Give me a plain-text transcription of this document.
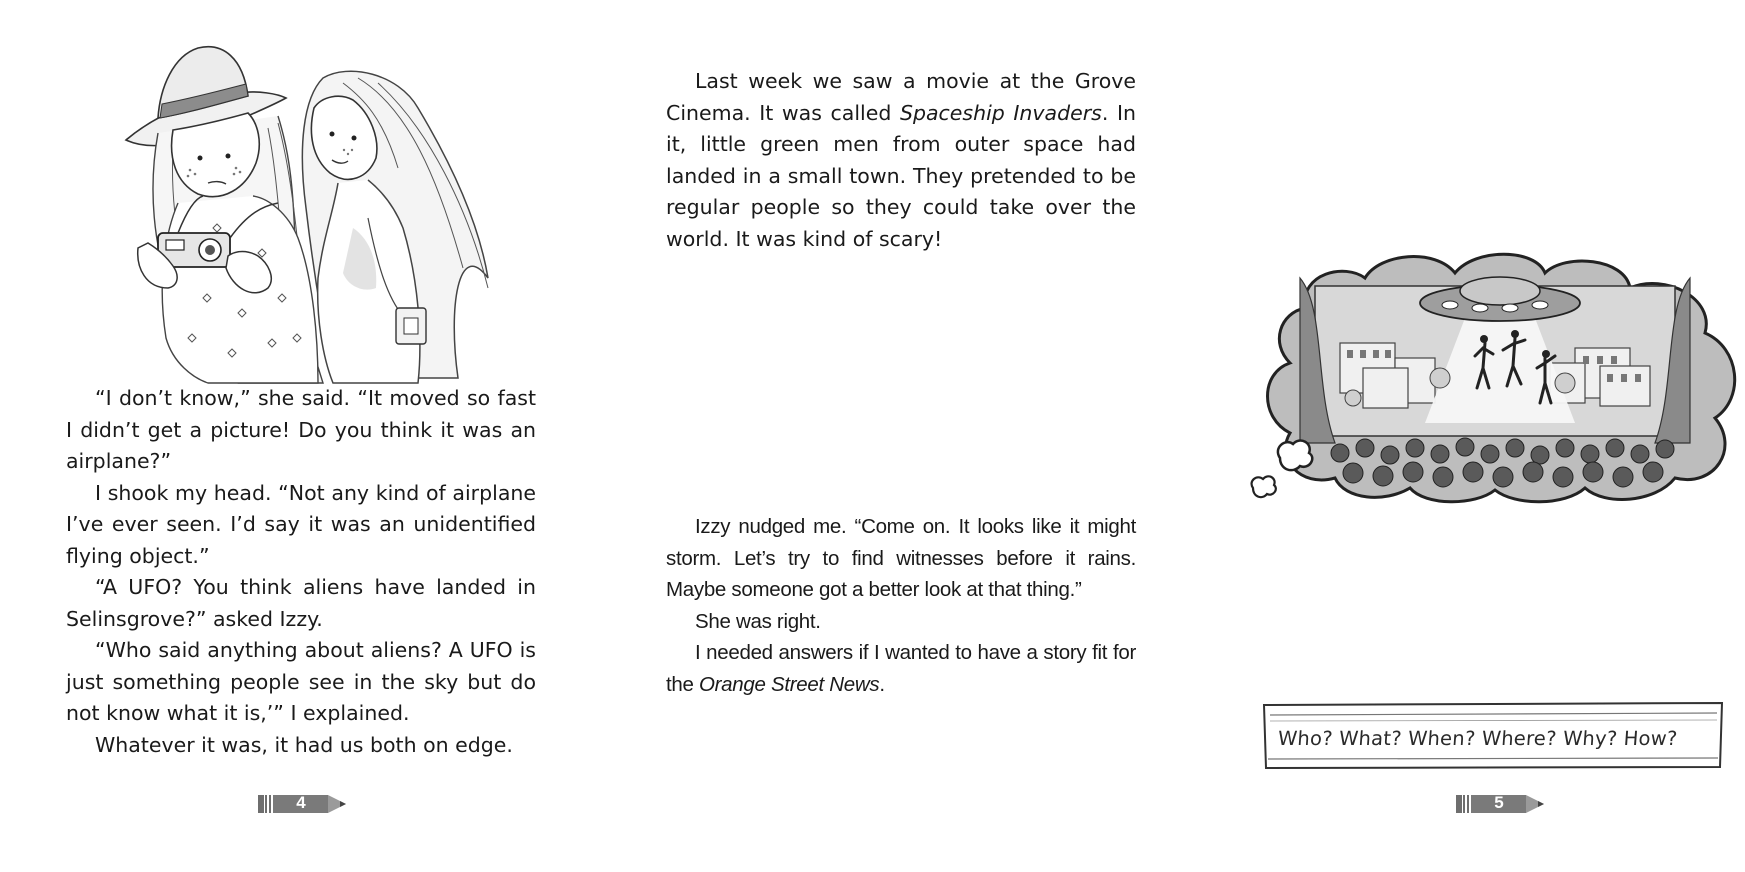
“I don’t know,” she said. “It moved so fast I didn’t get a picture! Do you think it was an airplane?”

I shook my head. “Not any kind of airplane I’ve ever seen. I’d say it was an unidentified flying object.”

“A UFO? You think aliens have landed in Selinsgrove?” asked Izzy.

“Who said anything about aliens? A UFO is just something people see in the sky but do not know what it is,’” I explained.

Whatever it was, it had us both on edge.

4

Last week we saw a movie at the Grove Cinema. It was called Spaceship Invaders. In it, little green men from outer space had landed in a small town. They pretended to be regular people so they could take over the world. It was kind of scary!

Izzy nudged me. “Come on. It looks like it might storm. Let’s try to find witnesses before it rains. Maybe someone got a better look at that thing.”

She was right.

I needed answers if I wanted to have a story fit for the Orange Street News.

Who? What? When? Where? Why? How?
5
